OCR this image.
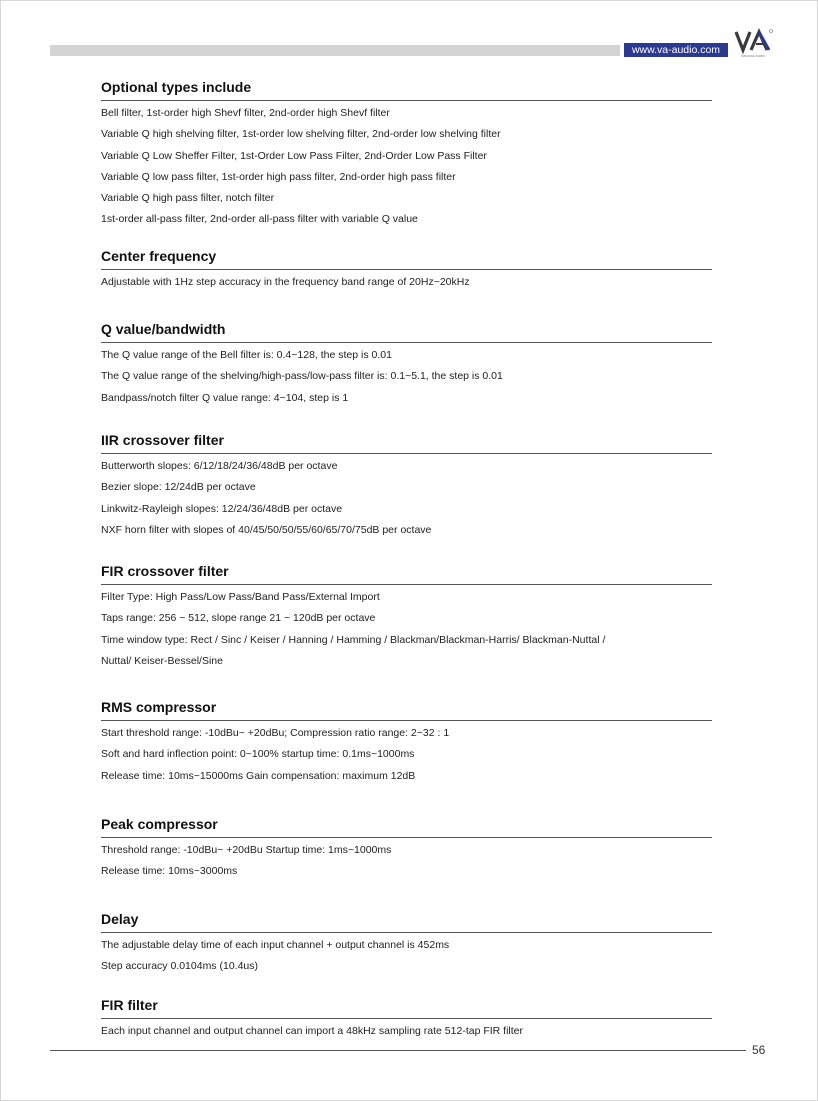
www.va-audio.com	Vahana Audio
Optional types include
Bell filter, 1st-order high Shevf filter, 2nd-order high Shevf filter
Variable Q high shelving filter, 1st-order low shelving filter, 2nd-order low shelving filter
Variable Q Low Sheffer Filter, 1st-Order Low Pass Filter, 2nd-Order Low Pass Filter
Variable Q low pass filter, 1st-order high pass filter, 2nd-order high pass filter
Variable Q high pass filter, notch filter
1st-order all-pass filter, 2nd-order all-pass filter with variable Q value
Center frequency
Adjustable with 1Hz step accuracy in the frequency band range of 20Hz~20kHz
Q value/bandwidth
The Q value range of the Bell filter is: 0.4~128, the step is 0.01
The Q value range of the shelving/high-pass/low-pass filter is: 0.1~5.1, the step is 0.01
Bandpass/notch filter Q value range: 4~104, step is 1
IIR crossover filter
Butterworth slopes: 6/12/18/24/36/48dB per octave
Bezier slope: 12/24dB per octave
Linkwitz-Rayleigh slopes: 12/24/36/48dB per octave
NXF horn filter with slopes of 40/45/50/50/55/60/65/70/75dB per octave
FIR crossover filter
Filter Type: High Pass/Low Pass/Band Pass/External Import
Taps range: 256 ~ 512, slope range 21 ~ 120dB per octave
Time window type: Rect / Sinc / Keiser / Hanning / Hamming / Blackman/Blackman-Harris/ Blackman-Nuttal /
Nuttal/ Keiser-Bessel/Sine
RMS compressor
Start threshold range: -10dBu~ +20dBu; Compression ratio range: 2~32 : 1
Soft and hard inflection point: 0~100% startup time: 0.1ms~1000ms
Release time: 10ms~15000ms Gain compensation: maximum 12dB
Peak compressor
Threshold range: -10dBu~ +20dBu Startup time: 1ms~1000ms
Release time: 10ms~3000ms
Delay
The adjustable delay time of each input channel + output channel is 452ms
Step accuracy 0.0104ms (10.4us)
FIR filter
Each input channel and output channel can import a 48kHz sampling rate 512-tap FIR filter
56
